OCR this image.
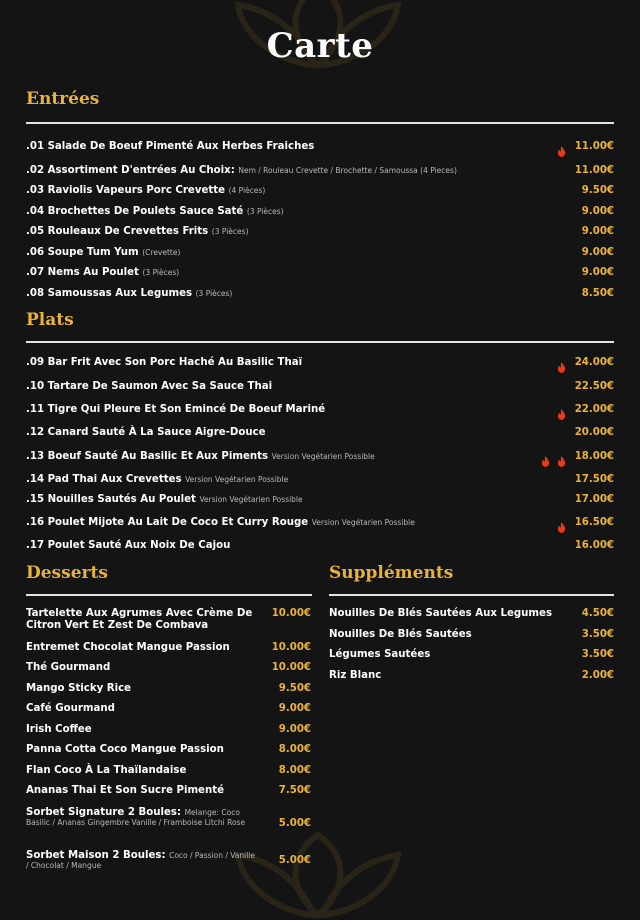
Carte
Entrées
.01 Salade De Boeuf Pimenté Aux Herbes Fraiches	11.00€
.02 Assortiment D'entrées Au Choix: Nem / Rouleau Crevette / Brochette / Samoussa (4 Pieces)	11.00€
.03 Raviolis Vapeurs Porc Crevette (4 Pièces)	9.50€
.04 Brochettes De Poulets Sauce Saté (3 Pièces)	9.00€
.05 Rouleaux De Crevettes Frits (3 Pièces)	9.00€
.06 Soupe Tum Yum (Crevette)	9.00€
.07 Nems Au Poulet (3 Pièces)	9.00€
.08 Samoussas Aux Legumes (3 Pièces)	8.50€
Plats
.09 Bar Frit Avec Son Porc Haché Au Basilic Thaï	24.00€
.10 Tartare De Saumon Avec Sa Sauce Thai	22.50€
.11 Tigre Qui Pleure Et Son Emincé De Boeuf Mariné	22.00€
.12 Canard Sauté À La Sauce Aigre-Douce	20.00€
.13 Boeuf Sauté Au Basilic Et Aux Piments Version Vegétarien Possible	18.00€
.14 Pad Thai Aux Crevettes Version Vegétarien Possible	17.50€
.15 Nouilles Sautés Au Poulet Version Vegétarien Possible	17.00€
.16 Poulet Mijote Au Lait De Coco Et Curry Rouge Version Vegétarien Possible	16.50€
.17 Poulet Sauté Aux Noix De Cajou	16.00€
Desserts
Tartelette Aux Agrumes Avec Crème De Citron Vert Et Zest De Combava
10.00€
Entremet Chocolat Mangue Passion	10.00€
Thé Gourmand	10.00€
Mango Sticky Rice	9.50€
Café Gourmand	9.00€
Irish Coffee	9.00€
Panna Cotta Coco Mangue Passion	8.00€
Flan Coco À La Thaïlandaise	8.00€
Ananas Thai Et Son Sucre Pimenté	7.50€
Sorbet Signature 2 Boules: Melange: Coco Basilic / Ananas Gingembre Vanille / Framboise Litchi Rose	5.00€
Sorbet Maison 2 Boules: Coco / Passion / Vanille / Chocolat / Mangue	5.00€
Suppléments
Nouilles De Blés Sautées Aux Legumes	4.50€
Nouilles De Blés Sautées	3.50€
Légumes Sautées	3.50€
Riz Blanc	2.00€
